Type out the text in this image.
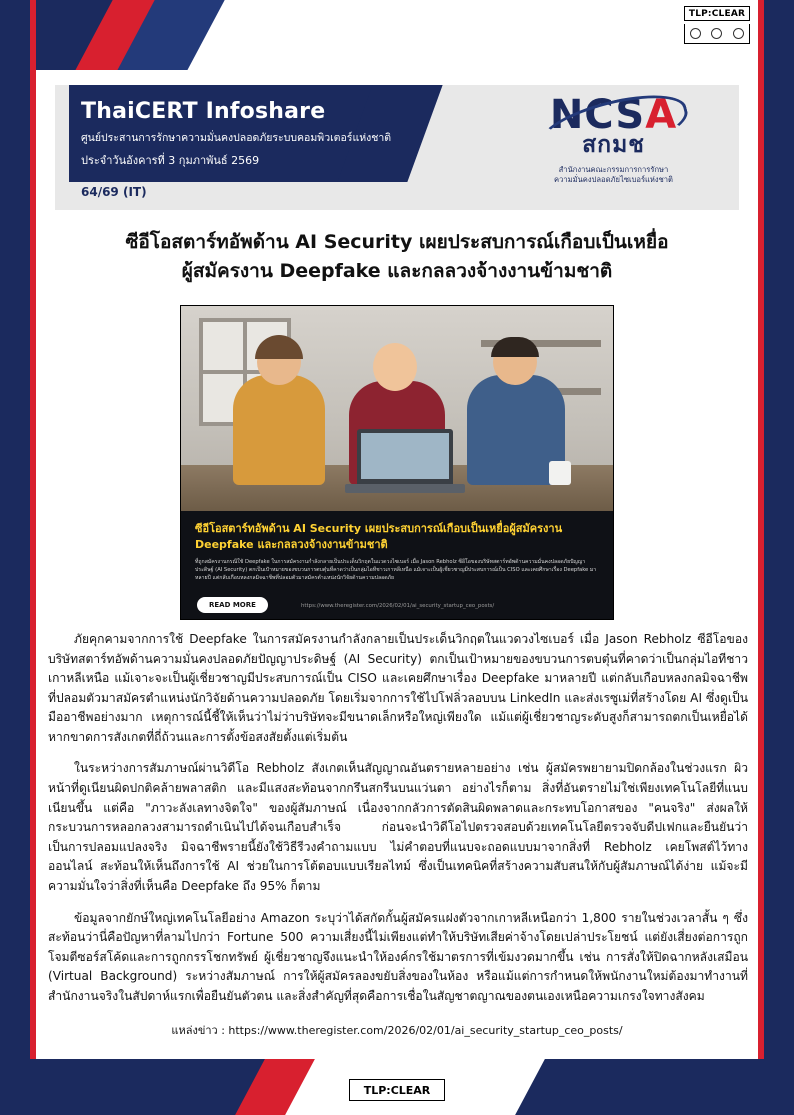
TLP:CLEAR
TLP:CLEAR
ThaiCERT Infoshare
ศูนย์ประสานการรักษาความมั่นคงปลอดภัยระบบคอมพิวเตอร์แห่งชาติ
ประจำวันอังคารที่ 3 กุมภาพันธ์ 2569
64/69 (IT)
NCSA
สกมช
สำนักงานคณะกรรมการการรักษา
ความมั่นคงปลอดภัยไซเบอร์แห่งชาติ
ซีอีโอสตาร์ทอัพด้าน AI Security เผยประสบการณ์เกือบเป็นเหยื่อ
ผู้สมัครงาน Deepfake และกลลวงจ้างงานข้ามชาติ
ซีอีโอสตาร์ทอัพด้าน AI Security เผยประสบการณ์เกือบเป็นเหยื่อผู้สมัครงาน Deepfake และกลลวงจ้างงานข้ามชาติ
ที่ถูกสมัครงานกรณีใช้ Deepfake ในการสมัครงานกำลังกลายเป็นประเด็นวิกฤตในแวดวงไซเบอร์ เมื่อ Jason Rebholz ซีอีโอของบริษัทสตาร์ทอัพด้านความมั่นคงปลอดภัยปัญญาประดิษฐ์ (AI Security) ตกเป็นเป้าหมายของขบวนการตบตุ๋นที่คาดว่าเป็นกลุ่มไอทีชาวเกาหลีเหนือ แม้เจาะเป็นผู้เชี่ยวชาญมีประสบการณ์เป็น CISO และเคยศึกษาเรื่อง Deepfake มาหลายปี แต่กลับเกือบหลงกลมิจฉาชีพที่ปลอมตัวมาสมัครตำแหน่งนักวิจัยด้านความปลอดภัย
READ MORE	https://www.theregister.com/2026/02/01/ai_security_startup_ceo_posts/

ภัยคุกคามจากการใช้ Deepfake ในการสมัครงานกำลังกลายเป็นประเด็นวิกฤตในแวดวงไซเบอร์ เมื่อ Jason Rebholz ซีอีโอของบริษัทสตาร์ทอัพด้านความมั่นคงปลอดภัยปัญญาประดิษฐ์ (AI Security) ตกเป็นเป้าหมายของขบวนการตบตุ๋นที่คาดว่าเป็นกลุ่มไอทีชาวเกาหลีเหนือ แม้เจาะจะเป็นผู้เชี่ยวชาญมีประสบการณ์เป็น CISO และเคยศึกษาเรื่อง Deepfake มาหลายปี แต่กลับเกือบหลงกลมิจฉาชีพที่ปลอมตัวมาสมัครตำแหน่งนักวิจัยด้านความปลอดภัย โดยเริ่มจากการใช้ไปโฟลิ่วลอบบน LinkedIn และส่งเรซูเม่ที่สร้างโดย AI ซึ่งดูเป็นมืออาชีพอย่างมาก เหตุการณ์นี้ชี้ให้เห็นว่าไม่ว่าบริษัทจะมีขนาดเล็กหรือใหญ่เพียงใด แม้แต่ผู้เชี่ยวชาญระดับสูงก็สามารถตกเป็นเหยื่อได้ หากขาดการสังเกตที่ถี่ถ้วนและการตั้งข้อสงสัยตั้งแต่เริ่มต้น

ในระหว่างการสัมภาษณ์ผ่านวิดีโอ Rebholz สังเกตเห็นสัญญาณอันตรายหลายอย่าง เช่น ผู้สมัครพยายามปิดกล้องในช่วงแรก ผิวหน้าที่ดูเนียนผิดปกติคล้ายพลาสติก และมีแสงสะท้อนจากกรึนสกรีนบนแว่นตา อย่างไรก็ตาม สิ่งที่อันตรายไม่ใช่เพียงเทคโนโลยีที่แนบเนียนขึ้น แต่คือ "ภาวะลังเลทางจิตใจ" ของผู้สัมภาษณ์ เนื่องจากกลัวการตัดสินผิดพลาดและกระทบโอกาสของ "คนจริง" ส่งผลให้กระบวนการหลอกลวงสามารถดำเนินไปได้จนเกือบสำเร็จ ก่อนจะนำวิดีโอไปตรวจสอบด้วยเทคโนโลยีตรวจจับดีปเฟกและยืนยันว่าเป็นการปลอมแปลงจริง มิจฉาชีพรายนี้ยังใช้วิธีรีวงคำถามแบบ ไม่คำตอบที่แนบจะถอดแบบมาจากสิ่งที่ Rebholz เคยโพสต์ไว้ทางออนไลน์ สะท้อนให้เห็นถึงการใช้ AI ช่วยในการโต้ตอบแบบเรียลไทม์ ซึ่งเป็นเทคนิคที่สร้างความสับสนให้กับผู้สัมภาษณ์ได้ง่าย แม้จะมีความมั่นใจว่าสิ่งที่เห็นคือ Deepfake ถึง 95% ก็ตาม

ข้อมูลจากยักษ์ใหญ่เทคโนโลยีอย่าง Amazon ระบุว่าได้สกัดกั้นผู้สมัครแฝงตัวจากเกาหลีเหนือกว่า 1,800 รายในช่วงเวลาสั้น ๆ ซึ่งสะท้อนว่านี่คือปัญหาที่ลามไปกว่า Fortune 500 ความเสี่ยงนี้ไม่เพียงแต่ทำให้บริษัทเสียค่าจ้างโดยเปล่าประโยชน์ แต่ยังเสี่ยงต่อการถูกโจมตีซอร์สโค้ดและการถูกกรรโชกทรัพย์ ผู้เชี่ยวชาญจึงแนะนำให้องค์กรใช้มาตรการที่เข้มงวดมากขึ้น เช่น การสั่งให้ปิดฉากหลังเสมือน (Virtual Background) ระหว่างสัมภาษณ์ การให้ผู้สมัครลองขยับสิ่งของในห้อง หรือแม้แต่การกำหนดให้พนักงานใหม่ต้องมาทำงานที่สำนักงานจริงในสัปดาห์แรกเพื่อยืนยันตัวตน และสิ่งสำคัญที่สุดคือการเชื่อในสัญชาตญาณของตนเองเหนือความเกรงใจทางสังคม

แหล่งข่าว : https://www.theregister.com/2026/02/01/ai_security_startup_ceo_posts/
